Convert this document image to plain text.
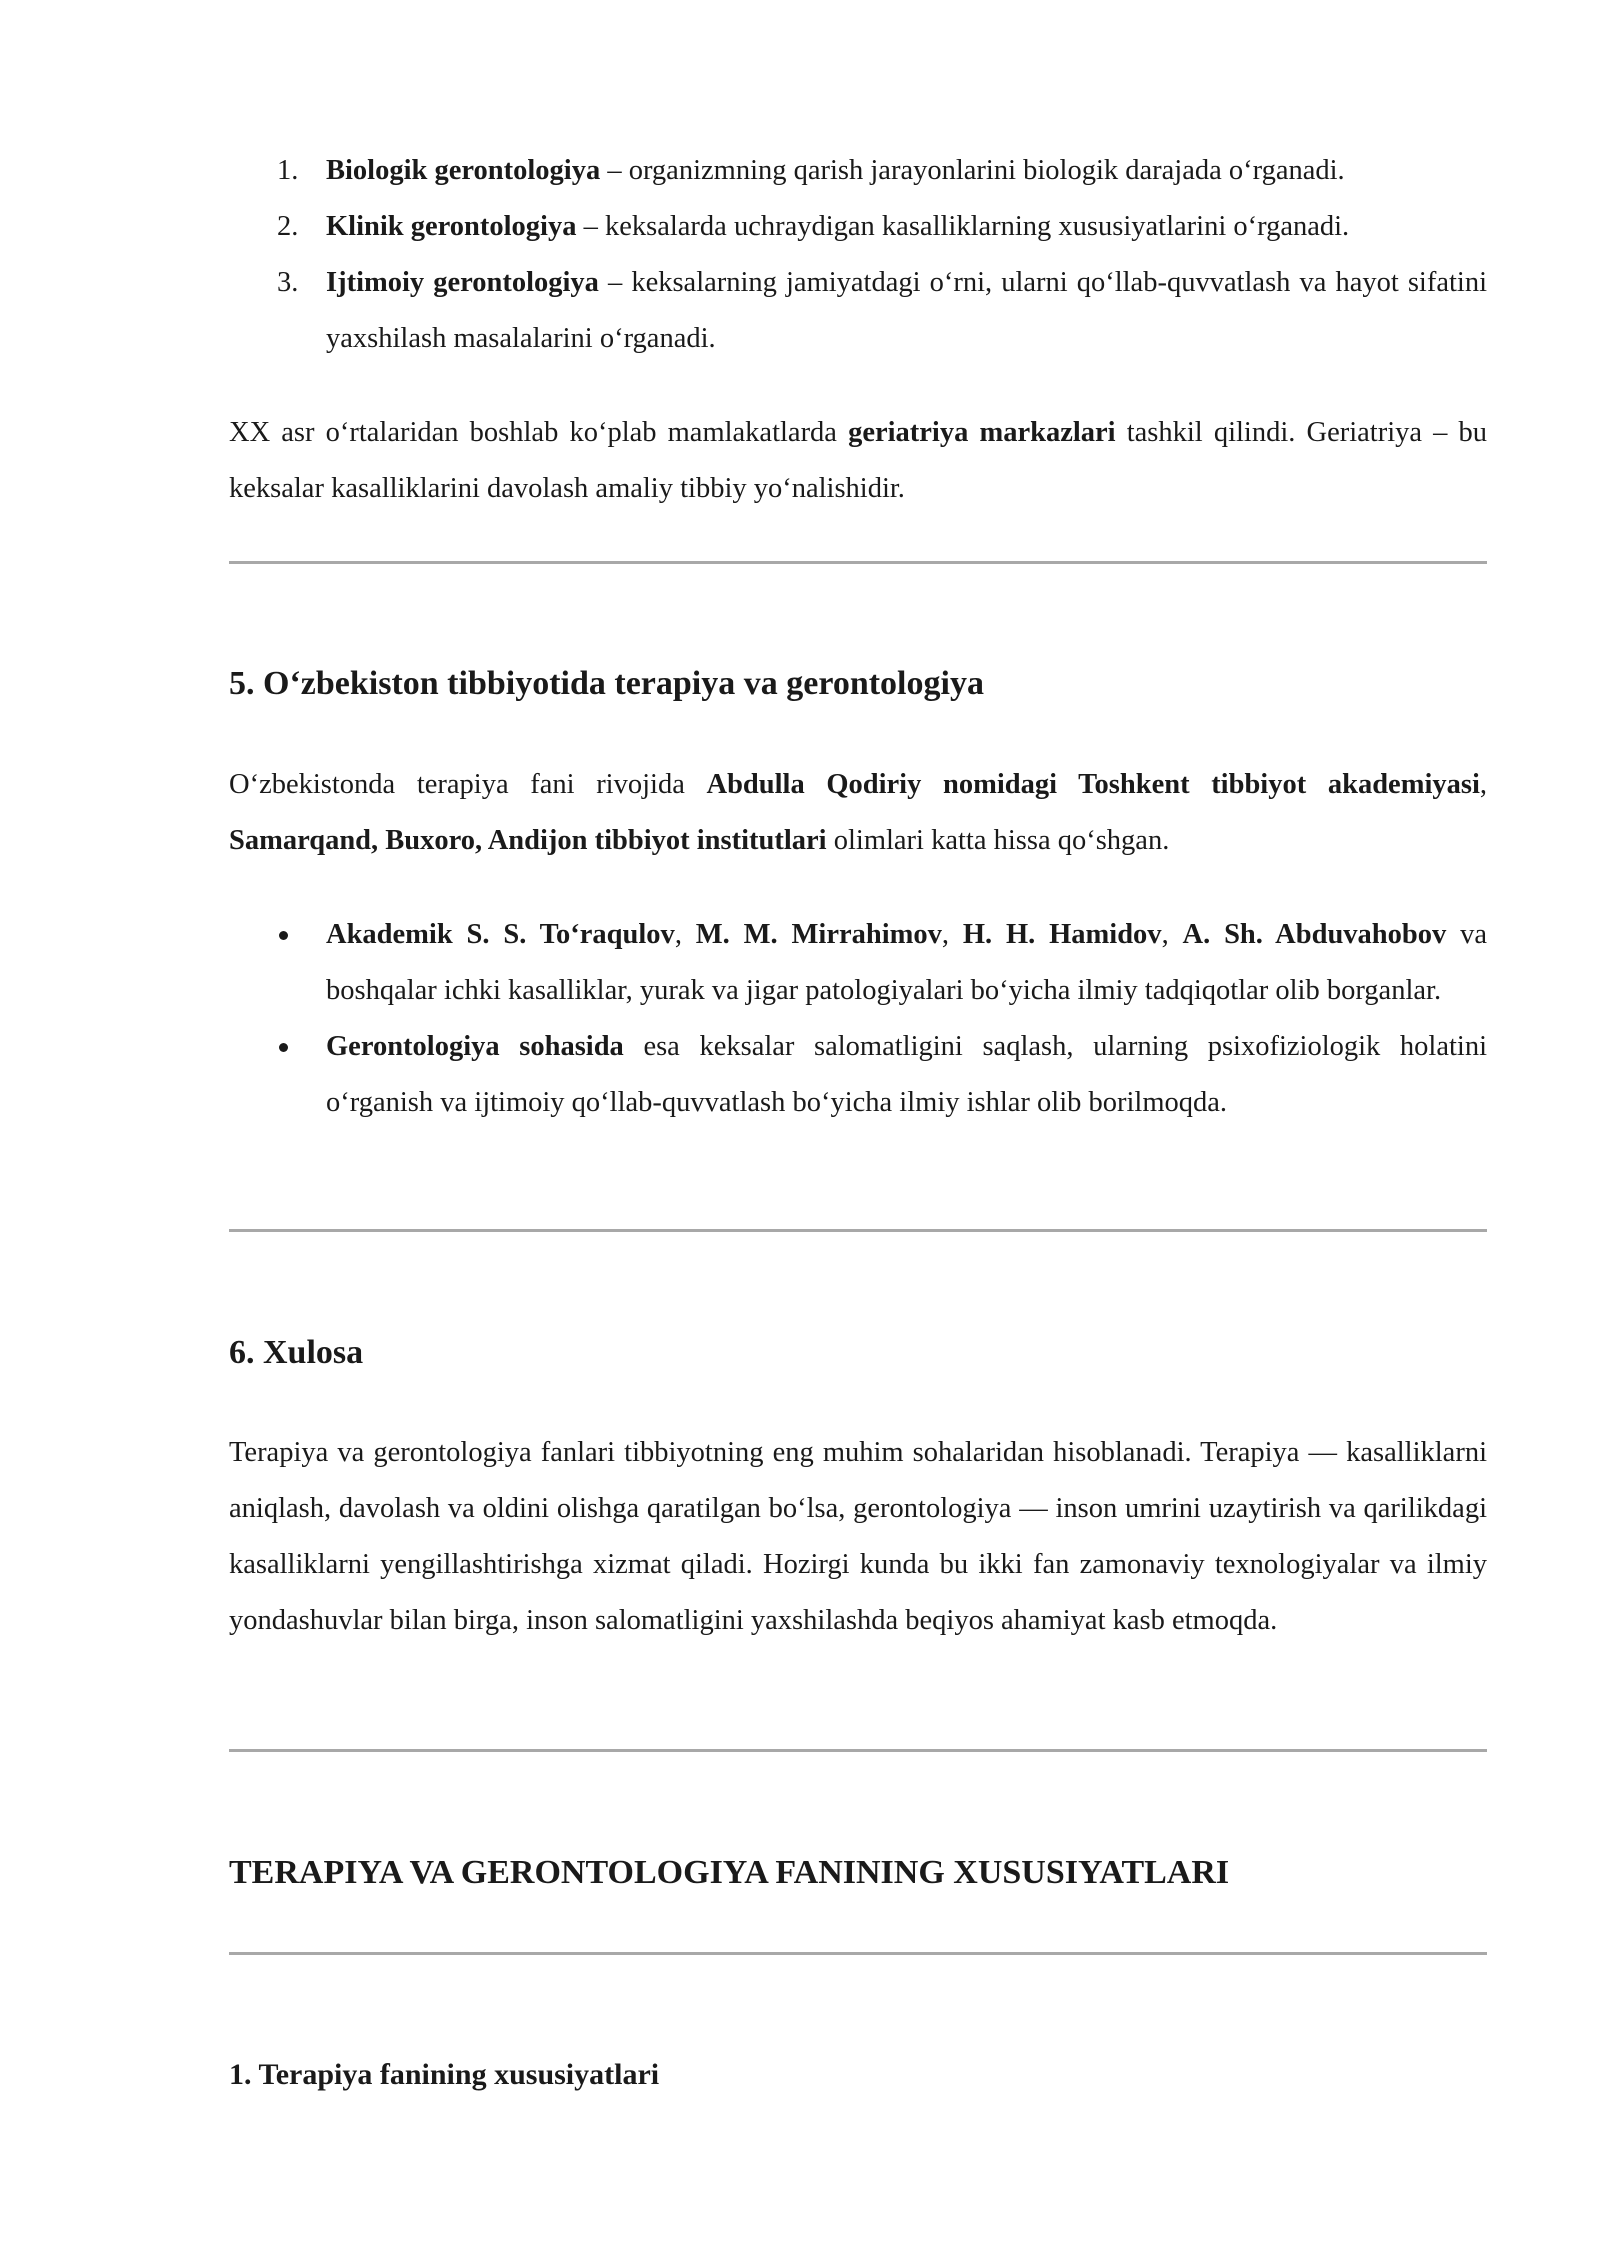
1. Biologik gerontologiya – organizmning qarish jarayonlarini biologik darajada o‘rganadi.
2. Klinik gerontologiya – keksalarda uchraydigan kasalliklarning xususiyatlarini o‘rganadi.
3. Ijtimoiy gerontologiya – keksalarning jamiyatdagi o‘rni, ularni qo‘llab-quvvatlash va hayot sifatini yaxshilash masalalarini o‘rganadi.

XX asr o‘rtalaridan boshlab ko‘plab mamlakatlarda geriatriya markazlari tashkil qilindi. Geriatriya – bu keksalar kasalliklarini davolash amaliy tibbiy yo‘nalishidir.

5. O‘zbekiston tibbiyotida terapiya va gerontologiya

O‘zbekistonda terapiya fani rivojida Abdulla Qodiriy nomidagi Toshkent tibbiyot akademiyasi, Samarqand, Buxoro, Andijon tibbiyot institutlari olimlari katta hissa qo‘shgan.

Akademik S. S. To‘raqulov, M. M. Mirrahimov, H. H. Hamidov, A. Sh. Abduvahobov va boshqalar ichki kasalliklar, yurak va jigar patologiyalari bo‘yicha ilmiy tadqiqotlar olib borganlar.
Gerontologiya sohasida esa keksalar salomatligini saqlash, ularning psixofiziologik holatini o‘rganish va ijtimoiy qo‘llab-quvvatlash bo‘yicha ilmiy ishlar olib borilmoqda.
6. Xulosa

Terapiya va gerontologiya fanlari tibbiyotning eng muhim sohalaridan hisoblanadi. Terapiya — kasalliklarni aniqlash, davolash va oldini olishga qaratilgan bo‘lsa, gerontologiya — inson umrini uzaytirish va qarilikdagi kasalliklarni yengillashtirishga xizmat qiladi. Hozirgi kunda bu ikki fan zamonaviy texnologiyalar va ilmiy yondashuvlar bilan birga, inson salomatligini yaxshilashda beqiyos ahamiyat kasb etmoqda.

TERAPIYA VA GERONTOLOGIYA FANINING XUSUSIYATLARI
1. Terapiya fanining xususiyatlari
